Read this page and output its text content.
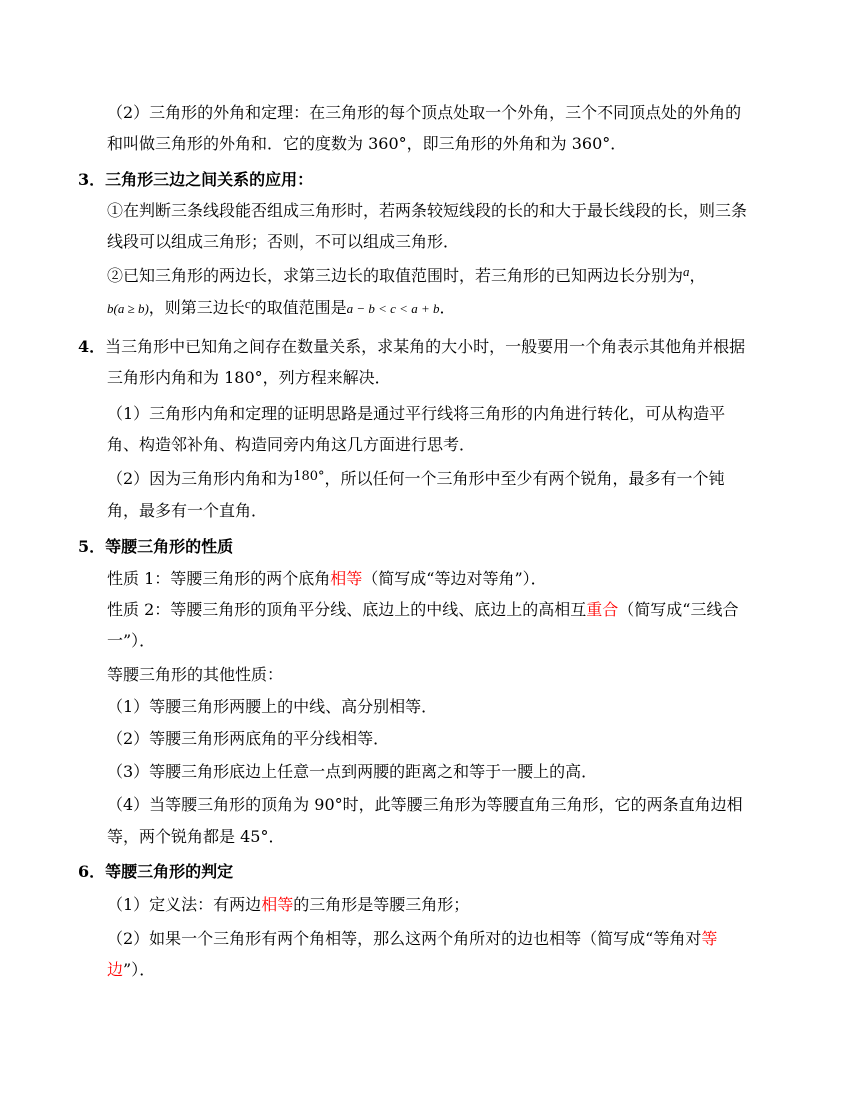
（2）三角形的外角和定理：在三角形的每个顶点处取一个外角，三个不同顶点处的外角的
和叫做三角形的外角和．它的度数为 360°，即三角形的外角和为 360°．
3．三角形三边之间关系的应用：
①在判断三条线段能否组成三角形时，若两条较短线段的长的和大于最长线段的长，则三条
线段可以组成三角形；否则，不可以组成三角形．
②已知三角形的两边长，求第三边长的取值范围时，若三角形的已知两边长分别为$^a$，
b(a ≥ b)，则第三边长$^c$的取值范围是a − b < c < a + b．
4．当三角形中已知角之间存在数量关系，求某角的大小时，一般要用一个角表示其他角并根据
三角形内角和为 180°，列方程来解决．
（1）三角形内角和定理的证明思路是通过平行线将三角形的内角进行转化，可从构造平
角、构造邻补角、构造同旁内角这几方面进行思考．
（2）因为三角形内角和为$^{180^\circ}$，所以任何一个三角形中至少有两个锐角，最多有一个钝
角，最多有一个直角．
5．等腰三角形的性质
性质 1：等腰三角形的两个底角相等（简写成“等边对等角”）．
性质 2：等腰三角形的顶角平分线、底边上的中线、底边上的高相互重合（简写成“三线合
一”）．
等腰三角形的其他性质：
（1）等腰三角形两腰上的中线、高分别相等．
（2）等腰三角形两底角的平分线相等．
（3）等腰三角形底边上任意一点到两腰的距离之和等于一腰上的高．
（4）当等腰三角形的顶角为 90°时，此等腰三角形为等腰直角三角形，它的两条直角边相
等，两个锐角都是 45°．
6．等腰三角形的判定
（1）定义法：有两边相等的三角形是等腰三角形；
（2）如果一个三角形有两个角相等，那么这两个角所对的边也相等（简写成“等角对等
边”）．
